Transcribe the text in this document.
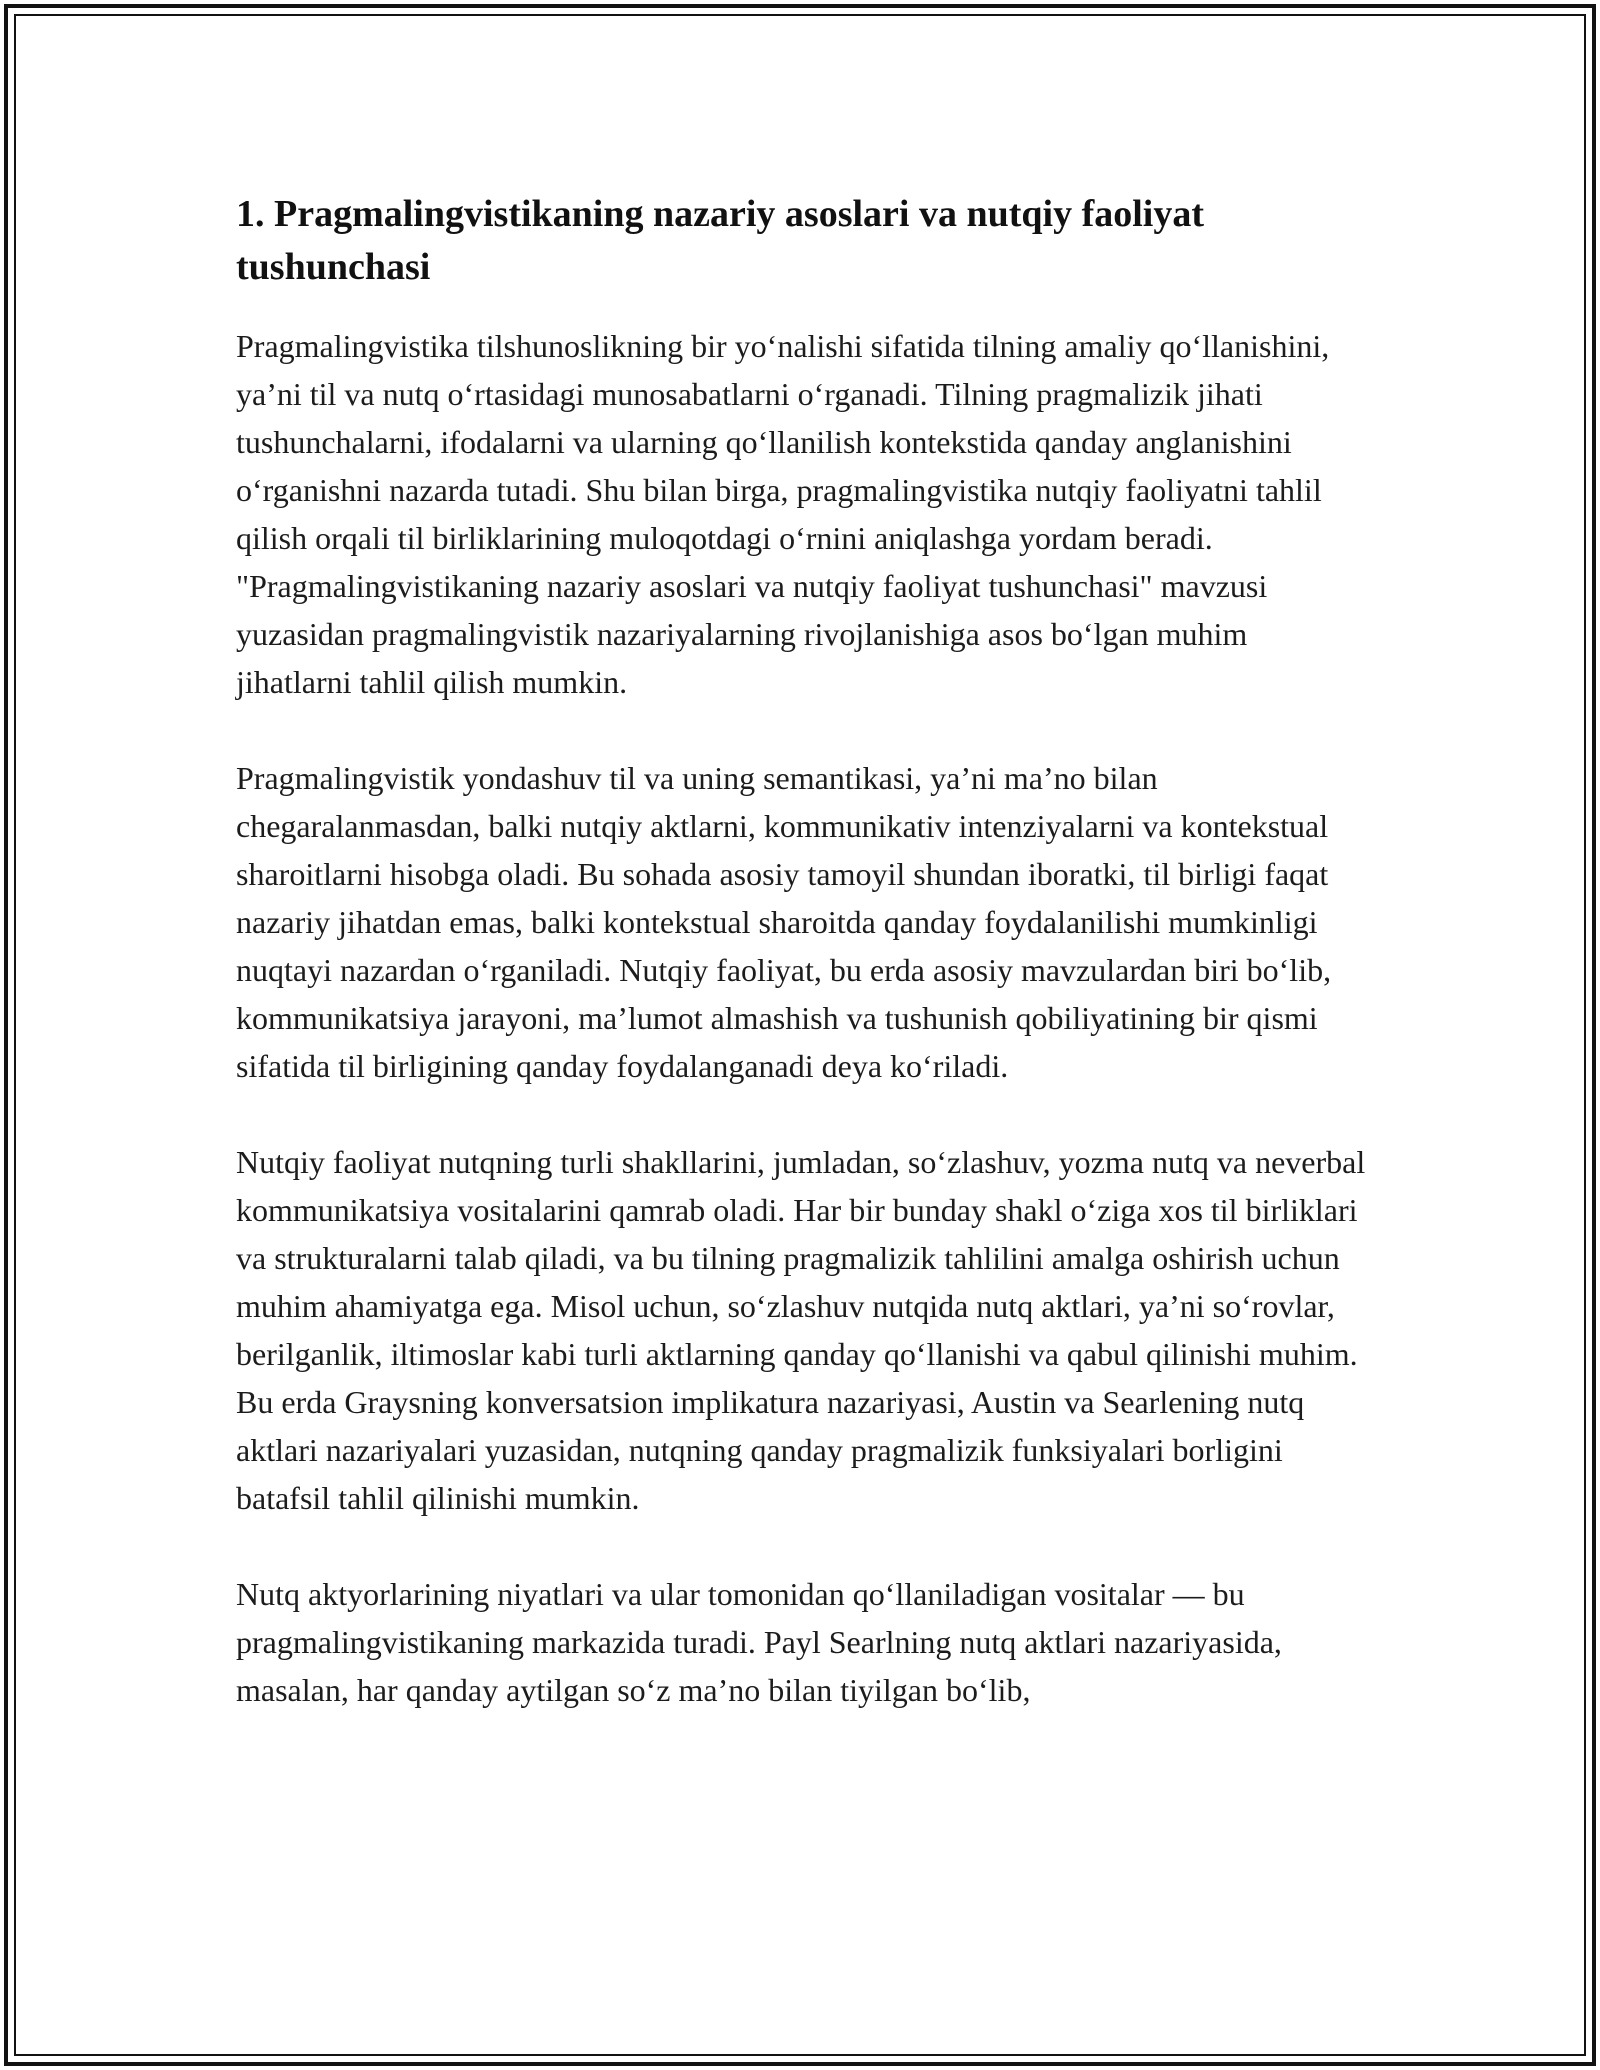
1. Pragmalingvistikaning nazariy asoslari va nutqiy faoliyat tushunchasi

Pragmalingvistika tilshunoslikning bir yo‘nalishi sifatida tilning amaliy qo‘llanishini, ya’ni til va nutq o‘rtasidagi munosabatlarni o‘rganadi. Tilning pragmalizik jihati tushunchalarni, ifodalarni va ularning qo‘llanilish kontekstida qanday anglanishini o‘rganishni nazarda tutadi. Shu bilan birga, pragmalingvistika nutqiy faoliyatni tahlil qilish orqali til birliklarining muloqotdagi o‘rnini aniqlashga yordam beradi. "Pragmalingvistikaning nazariy asoslari va nutqiy faoliyat tushunchasi" mavzusi yuzasidan pragmalingvistik nazariyalarning rivojlanishiga asos bo‘lgan muhim jihatlarni tahlil qilish mumkin.

Pragmalingvistik yondashuv til va uning semantikasi, ya’ni ma’no bilan chegaralanmasdan, balki nutqiy aktlarni, kommunikativ intenziyalarni va kontekstual sharoitlarni hisobga oladi. Bu sohada asosiy tamoyil shundan iboratki, til birligi faqat nazariy jihatdan emas, balki kontekstual sharoitda qanday foydalanilishi mumkinligi nuqtayi nazardan o‘rganiladi. Nutqiy faoliyat, bu erda asosiy mavzulardan biri bo‘lib, kommunikatsiya jarayoni, ma’lumot almashish va tushunish qobiliyatining bir qismi sifatida til birligining qanday foydalanganadi deya ko‘riladi.

Nutqiy faoliyat nutqning turli shakllarini, jumladan, so‘zlashuv, yozma nutq va neverbal kommunikatsiya vositalarini qamrab oladi. Har bir bunday shakl o‘ziga xos til birliklari va strukturalarni talab qiladi, va bu tilning pragmalizik tahlilini amalga oshirish uchun muhim ahamiyatga ega. Misol uchun, so‘zlashuv nutqida nutq aktlari, ya’ni so‘rovlar, berilganlik, iltimoslar kabi turli aktlarning qanday qo‘llanishi va qabul qilinishi muhim. Bu erda Graysning konversatsion implikatura nazariyasi, Austin va Searlening nutq aktlari nazariyalari yuzasidan, nutqning qanday pragmalizik funksiyalari borligini batafsil tahlil qilinishi mumkin.

Nutq aktyorlarining niyatlari va ular tomonidan qo‘llaniladigan vositalar — bu pragmalingvistikaning markazida turadi. Payl Searlning nutq aktlari nazariyasida, masalan, har qanday aytilgan so‘z ma’no bilan tiyilgan bo‘lib,
